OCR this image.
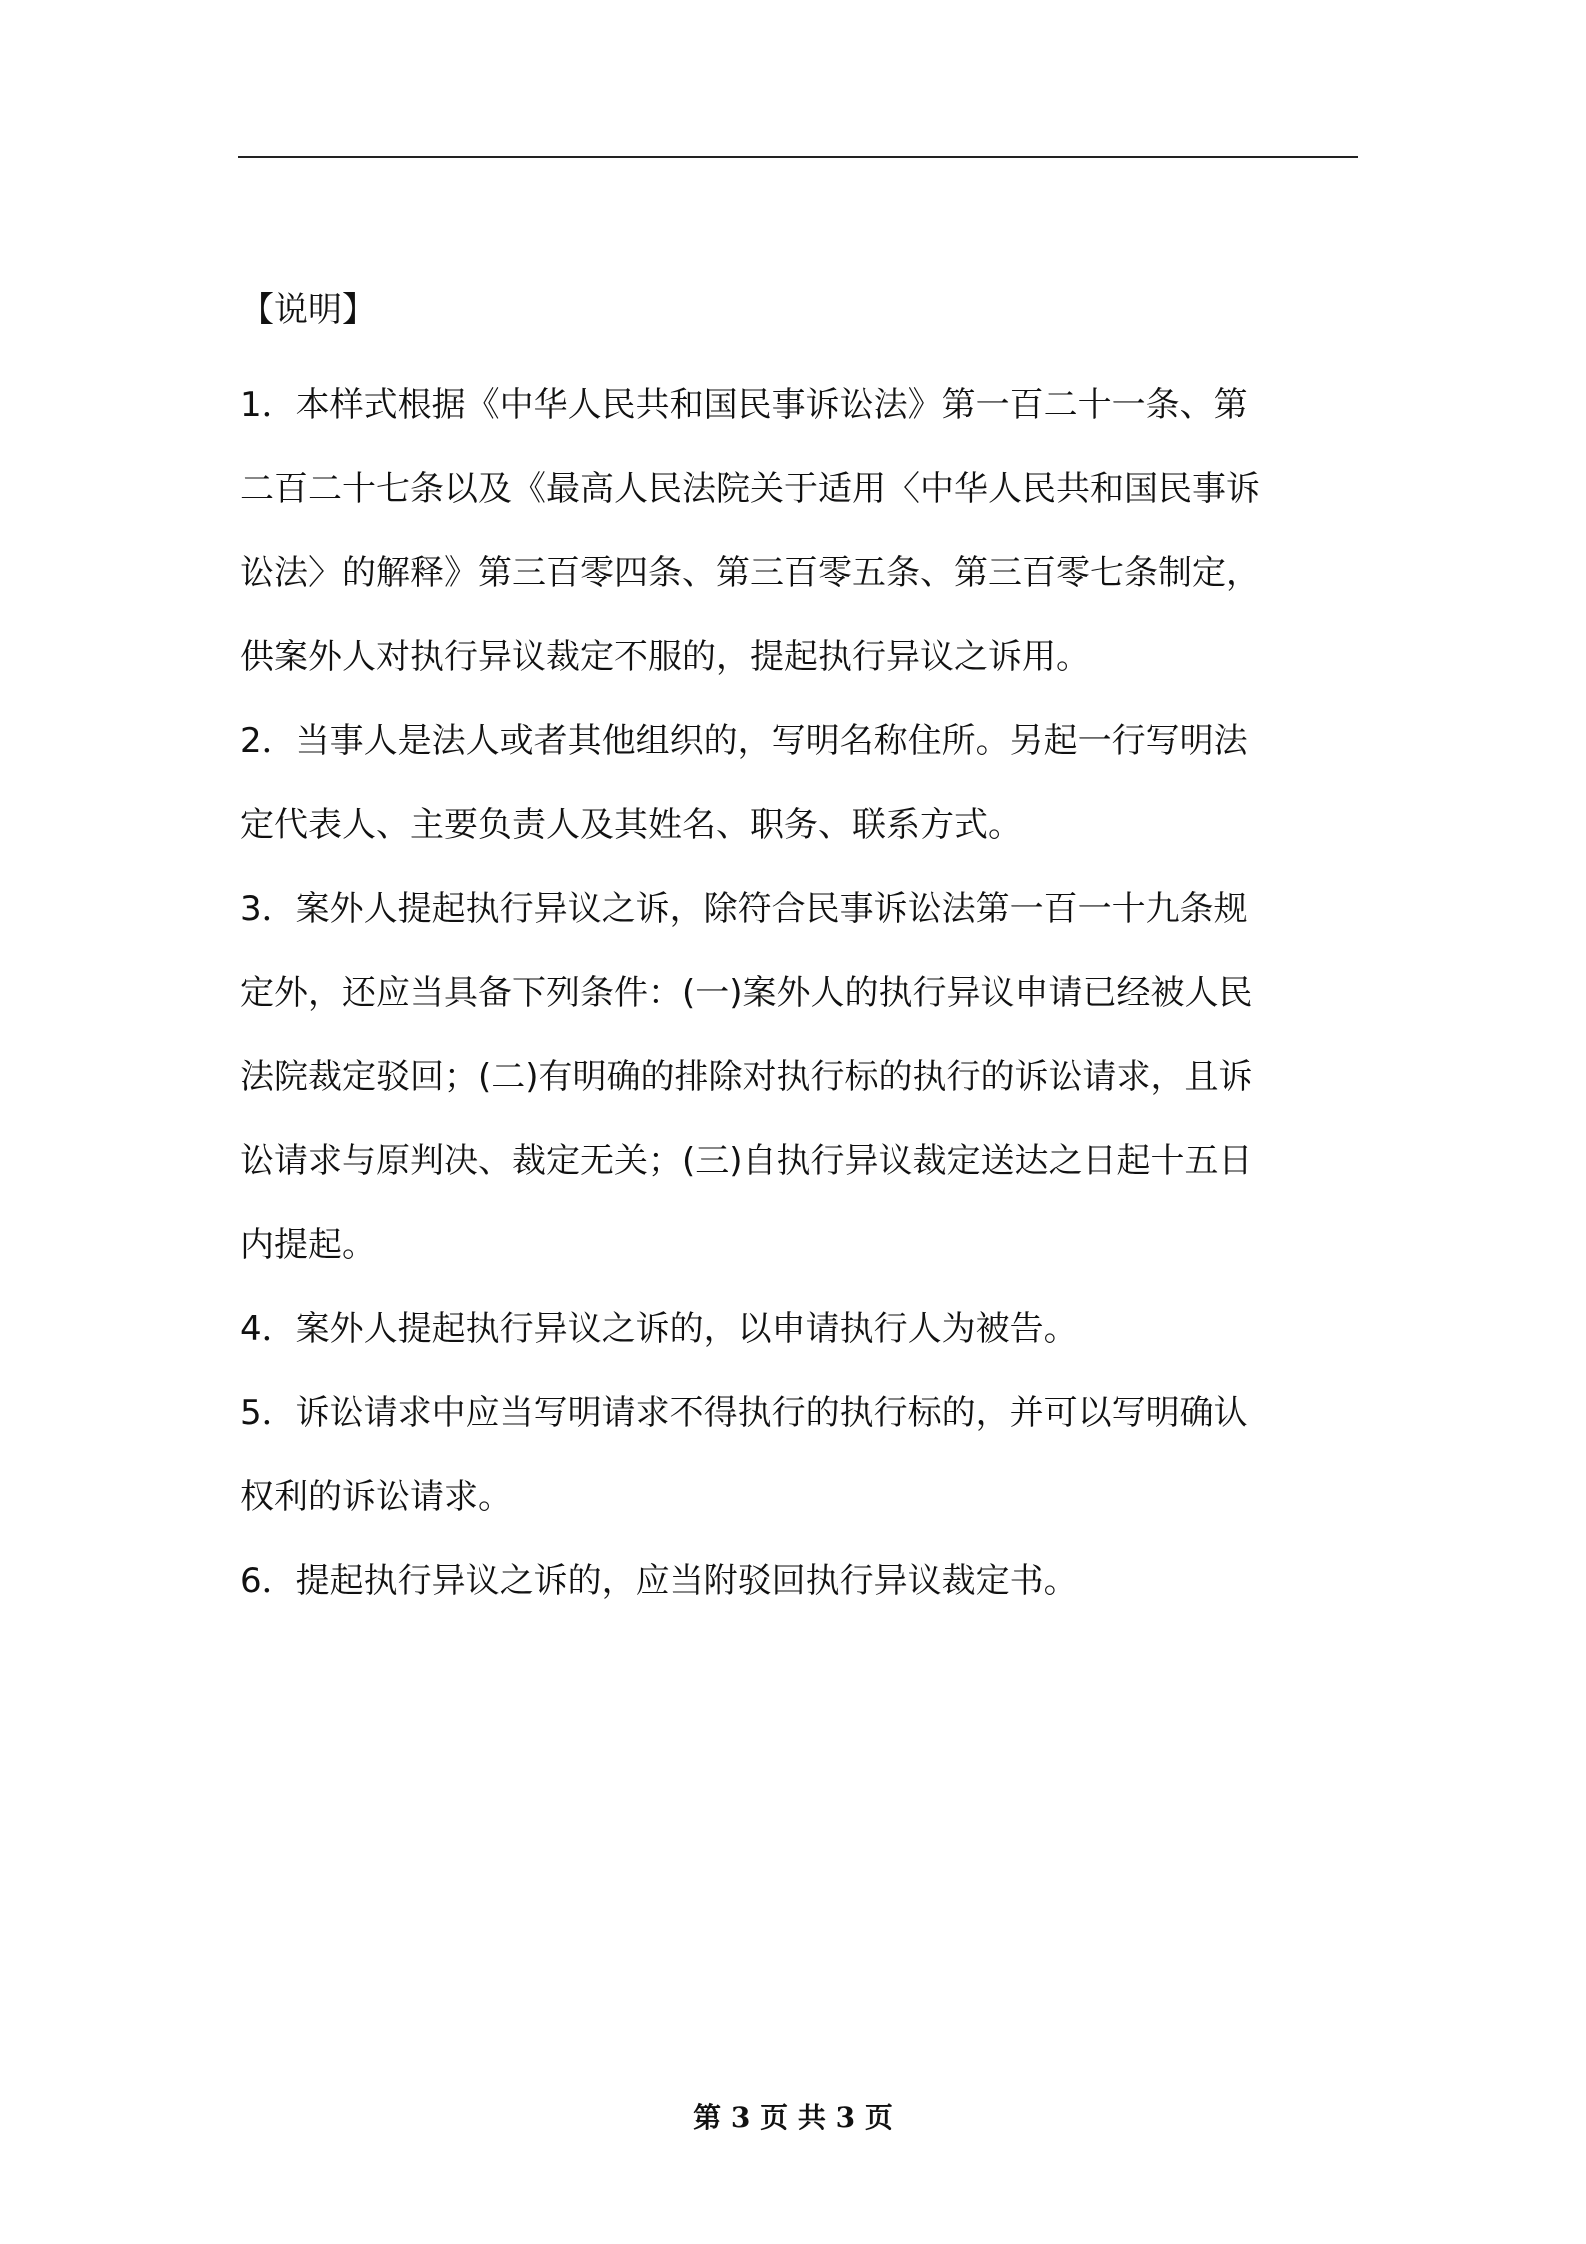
【说明】
1．本样式根据《中华人民共和国民事诉讼法》第一百二十一条、第
二百二十七条以及《最高人民法院关于适用〈中华人民共和国民事诉
讼法〉的解释》第三百零四条、第三百零五条、第三百零七条制定，
供案外人对执行异议裁定不服的，提起执行异议之诉用。
2．当事人是法人或者其他组织的，写明名称住所。另起一行写明法
定代表人、主要负责人及其姓名、职务、联系方式。
3．案外人提起执行异议之诉，除符合民事诉讼法第一百一十九条规
定外，还应当具备下列条件：(一)案外人的执行异议申请已经被人民
法院裁定驳回；(二)有明确的排除对执行标的执行的诉讼请求，且诉
讼请求与原判决、裁定无关；(三)自执行异议裁定送达之日起十五日
内提起。
4．案外人提起执行异议之诉的，以申请执行人为被告。
5．诉讼请求中应当写明请求不得执行的执行标的，并可以写明确认
权利的诉讼请求。
6．提起执行异议之诉的，应当附驳回执行异议裁定书。
第 3 页 共 3 页
